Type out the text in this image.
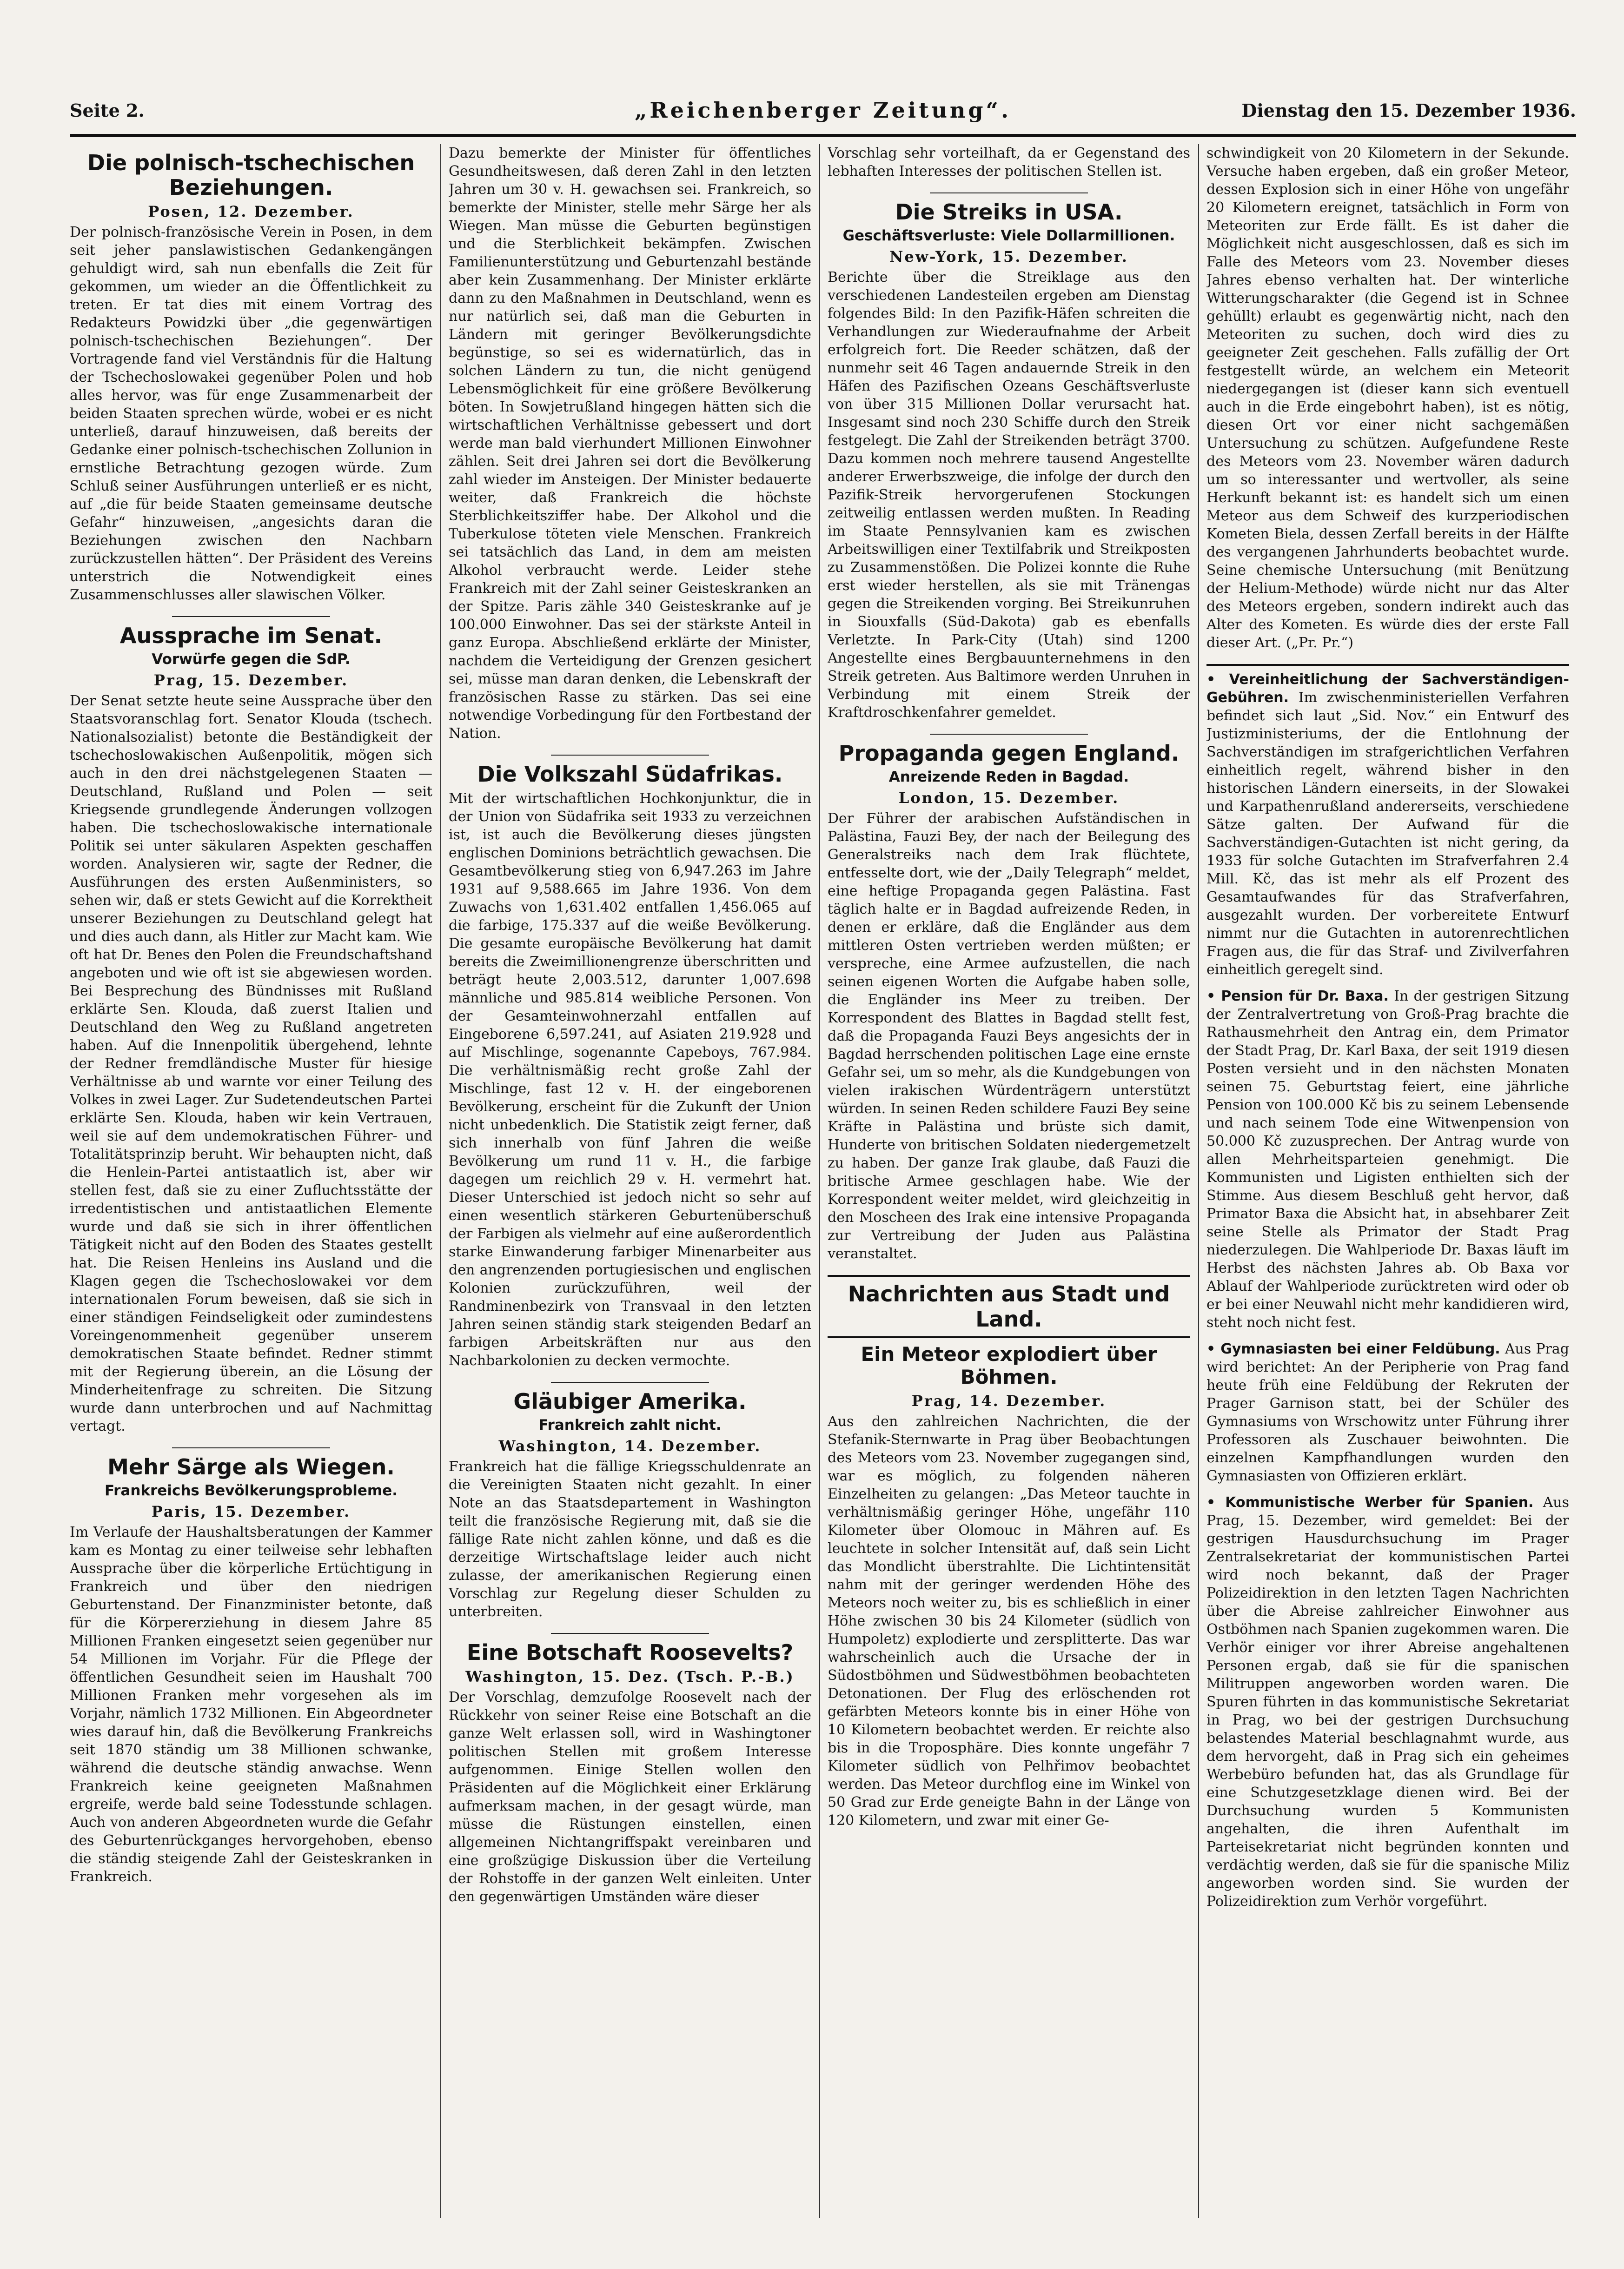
Seite 2.	„Reichenberger Zeitung“.	Dienstag den 15. Dezember 1936.
Die polnisch-tschechischen Beziehungen.
Posen, 12. Dezember.

Der polnisch-französische Verein in Posen, in dem seit jeher panslawistischen Gedankengängen gehuldigt wird, sah nun ebenfalls die Zeit für gekommen, um wieder an die Öffentlichkeit zu treten. Er tat dies mit einem Vortrag des Redakteurs Powidzki über „die gegenwärtigen polnisch-tschechischen Beziehungen“. Der Vortragende fand viel Verständnis für die Haltung der Tschechoslowakei gegenüber Polen und hob alles hervor, was für enge Zusammenarbeit der beiden Staaten sprechen würde, wobei er es nicht unterließ, darauf hinzuweisen, daß bereits der Gedanke einer polnisch-tschechischen Zollunion in ernstliche Betrachtung gezogen würde. Zum Schluß seiner Ausführungen unterließ er es nicht, auf „die für beide Staaten gemeinsame deutsche Gefahr“ hinzuweisen, „angesichts daran die Beziehungen zwischen den Nachbarn zurückzustellen hätten“. Der Präsident des Vereins unterstrich die Notwendigkeit eines Zusammenschlusses aller slawischen Völker.

Aussprache im Senat.
Vorwürfe gegen die SdP.
Prag, 15. Dezember.

Der Senat setzte heute seine Aussprache über den Staatsvoranschlag fort. Senator Klouda (tschech. Nationalsozialist) betonte die Beständigkeit der tschechoslowakischen Außenpolitik, mögen sich auch in den drei nächstgelegenen Staaten — Deutschland, Rußland und Polen — seit Kriegsende grundlegende Änderungen vollzogen haben. Die tschechoslowakische internationale Politik sei unter säkularen Aspekten geschaffen worden. Analysieren wir, sagte der Redner, die Ausführungen des ersten Außenministers, so sehen wir, daß er stets Gewicht auf die Korrektheit unserer Beziehungen zu Deutschland gelegt hat und dies auch dann, als Hitler zur Macht kam. Wie oft hat Dr. Benes den Polen die Freundschaftshand angeboten und wie oft ist sie abgewiesen worden. Bei Besprechung des Bündnisses mit Rußland erklärte Sen. Klouda, daß zuerst Italien und Deutschland den Weg zu Rußland angetreten haben. Auf die Innenpolitik übergehend, lehnte der Redner fremdländische Muster für hiesige Verhältnisse ab und warnte vor einer Teilung des Volkes in zwei Lager. Zur Sudetendeutschen Partei erklärte Sen. Klouda, haben wir kein Vertrauen, weil sie auf dem undemokratischen Führer- und Totalitätsprinzip beruht. Wir behaupten nicht, daß die Henlein-Partei antistaatlich ist, aber wir stellen fest, daß sie zu einer Zufluchtsstätte der irredentistischen und antistaatlichen Elemente wurde und daß sie sich in ihrer öffentlichen Tätigkeit nicht auf den Boden des Staates gestellt hat. Die Reisen Henleins ins Ausland und die Klagen gegen die Tschechoslowakei vor dem internationalen Forum beweisen, daß sie sich in einer ständigen Feindseligkeit oder zumindestens Voreingenommenheit gegenüber unserem demokratischen Staate befindet. Redner stimmt mit der Regierung überein, an die Lösung der Minderheitenfrage zu schreiten. Die Sitzung wurde dann unterbrochen und auf Nachmittag vertagt.

Mehr Särge als Wiegen.
Frankreichs Bevölkerungsprobleme.
Paris, 15. Dezember.

Im Verlaufe der Haushaltsberatungen der Kammer kam es Montag zu einer teilweise sehr lebhaften Aussprache über die körperliche Ertüchtigung in Frankreich und über den niedrigen Geburtenstand. Der Finanzminister betonte, daß für die Körpererziehung in diesem Jahre 85 Millionen Franken eingesetzt seien gegenüber nur 54 Millionen im Vorjahr. Für die Pflege der öffentlichen Gesundheit seien im Haushalt 700 Millionen Franken mehr vorgesehen als im Vorjahr, nämlich 1732 Millionen. Ein Abgeordneter wies darauf hin, daß die Bevölkerung Frankreichs seit 1870 ständig um 38 Millionen schwanke, während die deutsche ständig anwachse. Wenn Frankreich keine geeigneten Maßnahmen ergreife, werde bald seine Todesstunde schlagen. Auch von anderen Abgeordneten wurde die Gefahr des Geburtenrückganges hervorgehoben, ebenso die ständig steigende Zahl der Geisteskranken in Frankreich.

Dazu bemerkte der Minister für öffentliches Gesundheitswesen, daß deren Zahl in den letzten Jahren um 30 v. H. gewachsen sei. Frankreich, so bemerkte der Minister, stelle mehr Särge her als Wiegen. Man müsse die Geburten begünstigen und die Sterblichkeit bekämpfen. Zwischen Familienunterstützung und Geburtenzahl bestände aber kein Zusammenhang. Der Minister erklärte dann zu den Maßnahmen in Deutschland, wenn es nur natürlich sei, daß man die Geburten in Ländern mit geringer Bevölkerungsdichte begünstige, so sei es widernatürlich, das in solchen Ländern zu tun, die nicht genügend Lebensmöglichkeit für eine größere Bevölkerung böten. In Sowjetrußland hingegen hätten sich die wirtschaftlichen Verhältnisse gebessert und dort werde man bald vierhundert Millionen Einwohner zählen. Seit drei Jahren sei dort die Bevölkerung zahl wieder im Ansteigen. Der Minister bedauerte weiter, daß Frankreich die höchste Sterblichkeitsziffer habe. Der Alkohol und die Tuberkulose töteten viele Menschen. Frankreich sei tatsächlich das Land, in dem am meisten Alkohol verbraucht werde. Leider stehe Frankreich mit der Zahl seiner Geisteskranken an der Spitze. Paris zähle 340 Geisteskranke auf je 100.000 Einwohner. Das sei der stärkste Anteil in ganz Europa. Abschließend erklärte der Minister, nachdem die Verteidigung der Grenzen gesichert sei, müsse man daran denken, die Lebenskraft der französischen Rasse zu stärken. Das sei eine notwendige Vorbedingung für den Fortbestand der Nation.

Die Volkszahl Südafrikas.

Mit der wirtschaftlichen Hochkonjunktur, die in der Union von Südafrika seit 1933 zu verzeichnen ist, ist auch die Bevölkerung dieses jüngsten englischen Dominions beträchtlich gewachsen. Die Gesamtbevölkerung stieg von 6,947.263 im Jahre 1931 auf 9,588.665 im Jahre 1936. Von dem Zuwachs von 1,631.402 entfallen 1,456.065 auf die farbige, 175.337 auf die weiße Bevölkerung. Die gesamte europäische Bevölkerung hat damit bereits die Zweimillionengrenze überschritten und beträgt heute 2,003.512, darunter 1,007.698 männliche und 985.814 weibliche Personen. Von der Gesamteinwohnerzahl entfallen auf Eingeborene 6,597.241, auf Asiaten 219.928 und auf Mischlinge, sogenannte Capeboys, 767.984. Die verhältnismäßig recht große Zahl der Mischlinge, fast 12 v. H. der eingeborenen Bevölkerung, erscheint für die Zukunft der Union nicht unbedenklich. Die Statistik zeigt ferner, daß sich innerhalb von fünf Jahren die weiße Bevölkerung um rund 11 v. H., die farbige dagegen um reichlich 29 v. H. vermehrt hat. Dieser Unterschied ist jedoch nicht so sehr auf einen wesentlich stärkeren Geburtenüberschuß der Farbigen als vielmehr auf eine außerordentlich starke Einwanderung farbiger Minenarbeiter aus den angrenzenden portugiesischen und englischen Kolonien zurückzuführen, weil der Randminenbezirk von Transvaal in den letzten Jahren seinen ständig stark steigenden Bedarf an farbigen Arbeitskräften nur aus den Nachbarkolonien zu decken vermochte.

Gläubiger Amerika.
Frankreich zahlt nicht.
Washington, 14. Dezember.

Frankreich hat die fällige Kriegsschuldenrate an die Vereinigten Staaten nicht gezahlt. In einer Note an das Staatsdepartement in Washington teilt die französische Regierung mit, daß sie die fällige Rate nicht zahlen könne, und daß es die derzeitige Wirtschaftslage leider auch nicht zulasse, der amerikanischen Regierung einen Vorschlag zur Regelung dieser Schulden zu unterbreiten.

Eine Botschaft Roosevelts?
Washington, 15. Dez. (Tsch. P.-B.)

Der Vorschlag, demzufolge Roosevelt nach der Rückkehr von seiner Reise eine Botschaft an die ganze Welt erlassen soll, wird in Washingtoner politischen Stellen mit großem Interesse aufgenommen. Einige Stellen wollen den Präsidenten auf die Möglichkeit einer Erklärung aufmerksam machen, in der gesagt würde, man müsse die Rüstungen einstellen, einen allgemeinen Nichtangriffspakt vereinbaren und eine großzügige Diskussion über die Verteilung der Rohstoffe in der ganzen Welt einleiten. Unter den gegenwärtigen Umständen wäre dieser

Vorschlag sehr vorteilhaft, da er Gegenstand des lebhaften Interesses der politischen Stellen ist.

Die Streiks in USA.
Geschäftsverluste: Viele Dollarmillionen.
New-York, 15. Dezember.

Berichte über die Streiklage aus den verschiedenen Landesteilen ergeben am Dienstag folgendes Bild: In den Pazifik-Häfen schreiten die Verhandlungen zur Wiederaufnahme der Arbeit erfolgreich fort. Die Reeder schätzen, daß der nunmehr seit 46 Tagen andauernde Streik in den Häfen des Pazifischen Ozeans Geschäftsverluste von über 315 Millionen Dollar verursacht hat. Insgesamt sind noch 230 Schiffe durch den Streik festgelegt. Die Zahl der Streikenden beträgt 3700. Dazu kommen noch mehrere tausend Angestellte anderer Erwerbszweige, die infolge der durch den Pazifik-Streik hervorgerufenen Stockungen zeitweilig entlassen werden mußten. In Reading im Staate Pennsylvanien kam es zwischen Arbeitswilligen einer Textilfabrik und Streikposten zu Zusammenstößen. Die Polizei konnte die Ruhe erst wieder herstellen, als sie mit Tränengas gegen die Streikenden vorging. Bei Streikunruhen in Siouxfalls (Süd-Dakota) gab es ebenfalls Verletzte. In Park-City (Utah) sind 1200 Angestellte eines Bergbauunternehmens in den Streik getreten. Aus Baltimore werden Unruhen in Verbindung mit einem Streik der Kraftdroschkenfahrer gemeldet.

Propaganda gegen England.
Anreizende Reden in Bagdad.
London, 15. Dezember.

Der Führer der arabischen Aufständischen in Palästina, Fauzi Bey, der nach der Beilegung des Generalstreiks nach dem Irak flüchtete, entfesselte dort, wie der „Daily Telegraph“ meldet, eine heftige Propaganda gegen Palästina. Fast täglich halte er in Bagdad aufreizende Reden, in denen er erkläre, daß die Engländer aus dem mittleren Osten vertrieben werden müßten; er verspreche, eine Armee aufzustellen, die nach seinen eigenen Worten die Aufgabe haben solle, die Engländer ins Meer zu treiben. Der Korrespondent des Blattes in Bagdad stellt fest, daß die Propaganda Fauzi Beys angesichts der in Bagdad herrschenden politischen Lage eine ernste Gefahr sei, um so mehr, als die Kundgebungen von vielen irakischen Würdenträgern unterstützt würden. In seinen Reden schildere Fauzi Bey seine Kräfte in Palästina und brüste sich damit, Hunderte von britischen Soldaten niedergemetzelt zu haben. Der ganze Irak glaube, daß Fauzi die britische Armee geschlagen habe. Wie der Korrespondent weiter meldet, wird gleichzeitig in den Moscheen des Irak eine intensive Propaganda zur Vertreibung der Juden aus Palästina veranstaltet.

Nachrichten aus Stadt und Land.
Ein Meteor explodiert über Böhmen.
Prag, 14. Dezember.

Aus den zahlreichen Nachrichten, die der Stefanik-Sternwarte in Prag über Beobachtungen des Meteors vom 23. November zugegangen sind, war es möglich, zu folgenden näheren Einzelheiten zu gelangen: „Das Meteor tauchte in verhältnismäßig geringer Höhe, ungefähr 110 Kilometer über Olomouc in Mähren auf. Es leuchtete in solcher Intensität auf, daß sein Licht das Mondlicht überstrahlte. Die Lichtintensität nahm mit der geringer werdenden Höhe des Meteors noch weiter zu, bis es schließlich in einer Höhe zwischen 30 bis 24 Kilometer (südlich von Humpoletz) explodierte und zersplitterte. Das war wahrscheinlich auch die Ursache der in Südostböhmen und Südwestböhmen beobachteten Detonationen. Der Flug des erlöschenden rot gefärbten Meteors konnte bis in einer Höhe von 10 Kilometern beobachtet werden. Er reichte also bis in die Troposphäre. Dies konnte ungefähr 7 Kilometer südlich von Pelhřimov beobachtet werden. Das Meteor durchflog eine im Winkel von 50 Grad zur Erde geneigte Bahn in der Länge von 120 Kilometern, und zwar mit einer Ge-

schwindigkeit von 20 Kilometern in der Sekunde. Versuche haben ergeben, daß ein großer Meteor, dessen Explosion sich in einer Höhe von ungefähr 20 Kilometern ereignet, tatsächlich in Form von Meteoriten zur Erde fällt. Es ist daher die Möglichkeit nicht ausgeschlossen, daß es sich im Falle des Meteors vom 23. November dieses Jahres ebenso verhalten hat. Der winterliche Witterungscharakter (die Gegend ist in Schnee gehüllt) erlaubt es gegenwärtig nicht, nach den Meteoriten zu suchen, doch wird dies zu geeigneter Zeit geschehen. Falls zufällig der Ort festgestellt würde, an welchem ein Meteorit niedergegangen ist (dieser kann sich eventuell auch in die Erde eingebohrt haben), ist es nötig, diesen Ort vor einer nicht sachgemäßen Untersuchung zu schützen. Aufgefundene Reste des Meteors vom 23. November wären dadurch um so interessanter und wertvoller, als seine Herkunft bekannt ist: es handelt sich um einen Meteor aus dem Schweif des kurzperiodischen Kometen Biela, dessen Zerfall bereits in der Hälfte des vergangenen Jahrhunderts beobachtet wurde. Seine chemische Untersuchung (mit Benützung der Helium-Methode) würde nicht nur das Alter des Meteors ergeben, sondern indirekt auch das Alter des Kometen. Es würde dies der erste Fall dieser Art. („Pr. Pr.“)

• Vereinheitlichung der Sachverständigen-Gebühren. Im zwischenministeriellen Verfahren befindet sich laut „Sid. Nov.“ ein Entwurf des Justizministeriums, der die Entlohnung der Sachverständigen im strafgerichtlichen Verfahren einheitlich regelt, während bisher in den historischen Ländern einerseits, in der Slowakei und Karpathenrußland andererseits, verschiedene Sätze galten. Der Aufwand für die Sachverständigen-Gutachten ist nicht gering, da 1933 für solche Gutachten im Strafverfahren 2.4 Mill. Kč, das ist mehr als elf Prozent des Gesamtaufwandes für das Strafverfahren, ausgezahlt wurden. Der vorbereitete Entwurf nimmt nur die Gutachten in autorenrechtlichen Fragen aus, die für das Straf- und Zivilverfahren einheitlich geregelt sind.

• Pension für Dr. Baxa. In der gestrigen Sitzung der Zentralvertretung von Groß-Prag brachte die Rathausmehrheit den Antrag ein, dem Primator der Stadt Prag, Dr. Karl Baxa, der seit 1919 diesen Posten versieht und in den nächsten Monaten seinen 75. Geburtstag feiert, eine jährliche Pension von 100.000 Kč bis zu seinem Lebensende und nach seinem Tode eine Witwenpension von 50.000 Kč zuzusprechen. Der Antrag wurde von allen Mehrheitsparteien genehmigt. Die Kommunisten und Ligisten enthielten sich der Stimme. Aus diesem Beschluß geht hervor, daß Primator Baxa die Absicht hat, in absehbarer Zeit seine Stelle als Primator der Stadt Prag niederzulegen. Die Wahlperiode Dr. Baxas läuft im Herbst des nächsten Jahres ab. Ob Baxa vor Ablauf der Wahlperiode zurücktreten wird oder ob er bei einer Neuwahl nicht mehr kandidieren wird, steht noch nicht fest.

• Gymnasiasten bei einer Feldübung. Aus Prag wird berichtet: An der Peripherie von Prag fand heute früh eine Feldübung der Rekruten der Prager Garnison statt, bei der Schüler des Gymnasiums von Wrschowitz unter Führung ihrer Professoren als Zuschauer beiwohnten. Die einzelnen Kampfhandlungen wurden den Gymnasiasten von Offizieren erklärt.

• Kommunistische Werber für Spanien. Aus Prag, 15. Dezember, wird gemeldet: Bei der gestrigen Hausdurchsuchung im Prager Zentralsekretariat der kommunistischen Partei wird noch bekannt, daß der Prager Polizeidirektion in den letzten Tagen Nachrichten über die Abreise zahlreicher Einwohner aus Ostböhmen nach Spanien zugekommen waren. Die Verhör einiger vor ihrer Abreise angehaltenen Personen ergab, daß sie für die spanischen Militruppen angeworben worden waren. Die Spuren führten in das kommunistische Sekretariat in Prag, wo bei der gestrigen Durchsuchung belastendes Material beschlagnahmt wurde, aus dem hervorgeht, daß in Prag sich ein geheimes Werbebüro befunden hat, das als Grundlage für eine Schutzgesetzklage dienen wird. Bei der Durchsuchung wurden 5 Kommunisten angehalten, die ihren Aufenthalt im Parteisekretariat nicht begründen konnten und verdächtig werden, daß sie für die spanische Miliz angeworben worden sind. Sie wurden der Polizeidirektion zum Verhör vorgeführt.
